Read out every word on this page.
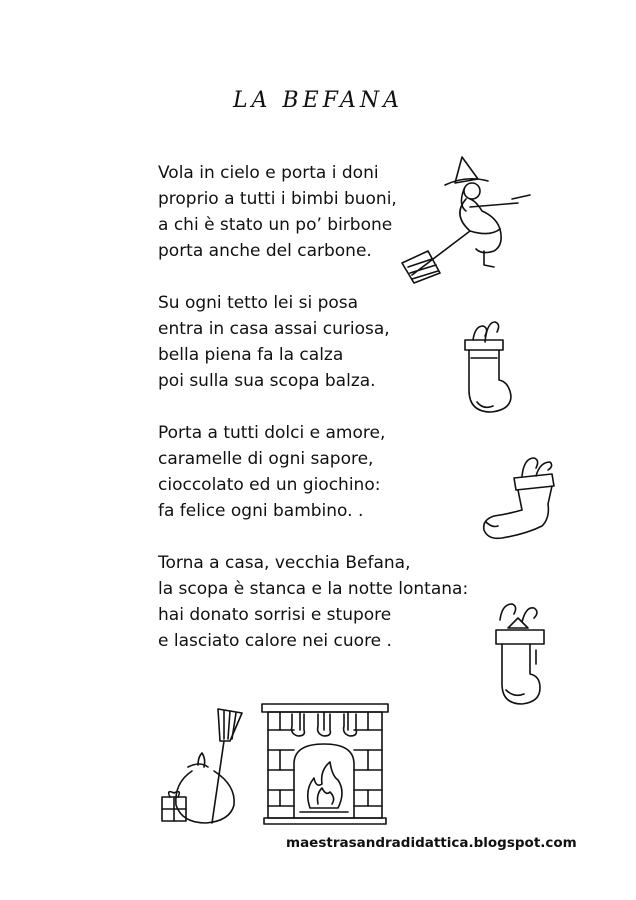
LA BEFANA
Vola in cielo e porta i doni
proprio a tutti i bimbi buoni,
a chi è stato un po’ birbone
porta anche del carbone.
Su ogni tetto lei si posa
entra in casa assai curiosa,
bella piena fa la calza
poi sulla sua scopa balza.
Porta a tutti dolci e amore,
caramelle di ogni sapore,
cioccolato ed un giochino:
fa felice ogni bambino. .
Torna a casa, vecchia Befana,
la scopa è stanca e la notte lontana:
hai donato sorrisi e stupore
e lasciato calore nei cuore .
maestrasandradidattica.blogspot.com
